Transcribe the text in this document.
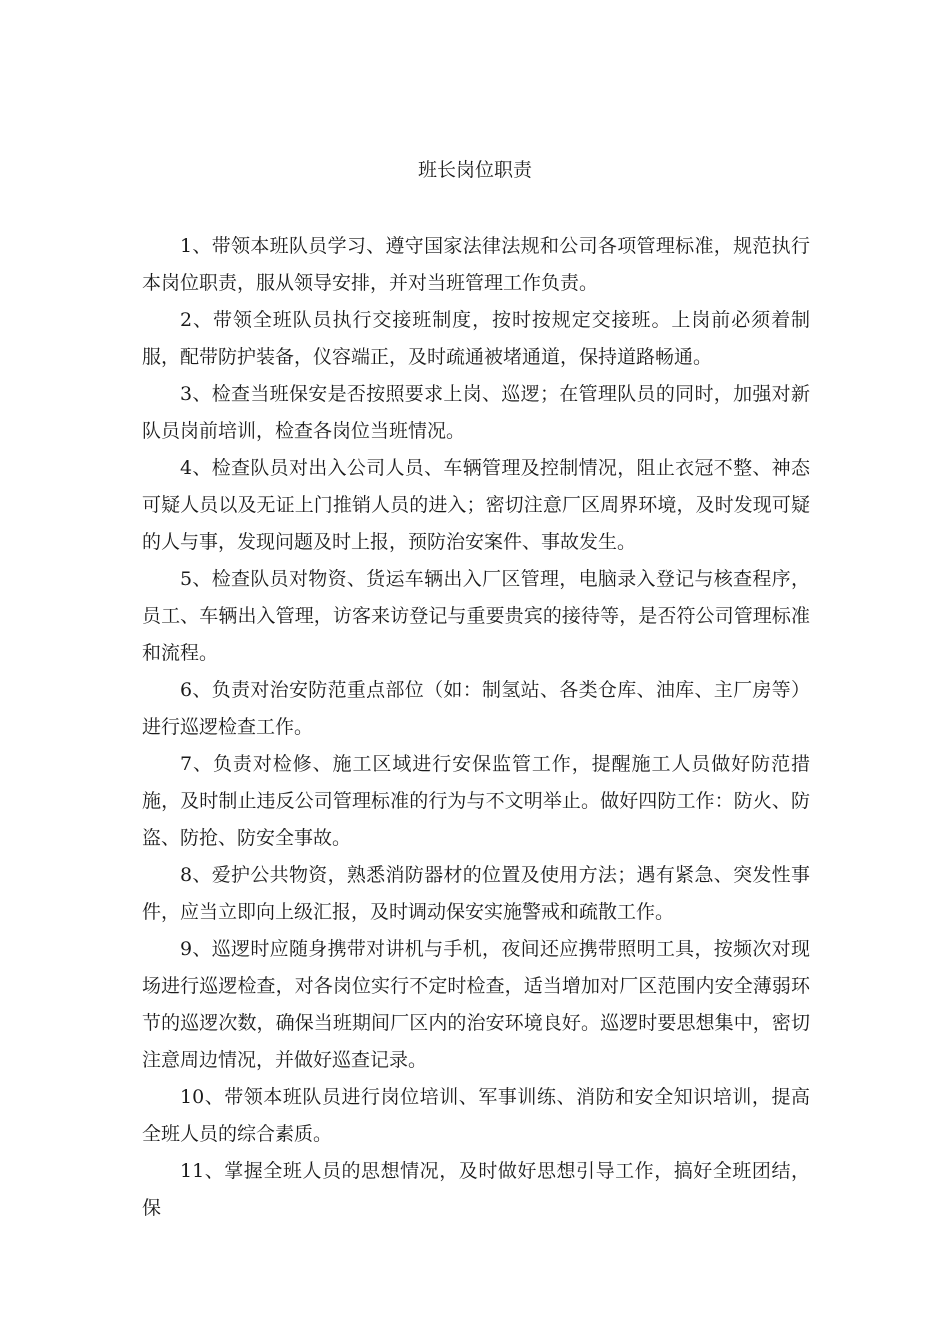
班长岗位职责

1、带领本班队员学习、遵守国家法律法规和公司各项管理标准，规范执行本岗位职责，服从领导安排，并对当班管理工作负责。

2、带领全班队员执行交接班制度，按时按规定交接班。上岗前必须着制服，配带防护装备，仪容端正，及时疏通被堵通道，保持道路畅通。

3、检查当班保安是否按照要求上岗、巡逻；在管理队员的同时，加强对新队员岗前培训，检查各岗位当班情况。

4、检查队员对出入公司人员、车辆管理及控制情况，阻止衣冠不整、神态可疑人员以及无证上门推销人员的进入；密切注意厂区周界环境，及时发现可疑的人与事，发现问题及时上报，预防治安案件、事故发生。

5、检查队员对物资、货运车辆出入厂区管理，电脑录入登记与核查程序，员工、车辆出入管理，访客来访登记与重要贵宾的接待等，是否符公司管理标准和流程。

6、负责对治安防范重点部位（如：制氢站、各类仓库、油库、主厂房等）进行巡逻检查工作。

7、负责对检修、施工区域进行安保监管工作，提醒施工人员做好防范措施，及时制止违反公司管理标准的行为与不文明举止。做好四防工作：防火、防盗、防抢、防安全事故。

8、爱护公共物资，熟悉消防器材的位置及使用方法；遇有紧急、突发性事件，应当立即向上级汇报，及时调动保安实施警戒和疏散工作。

9、巡逻时应随身携带对讲机与手机，夜间还应携带照明工具，按频次对现场进行巡逻检查，对各岗位实行不定时检查，适当增加对厂区范围内安全薄弱环节的巡逻次数，确保当班期间厂区内的治安环境良好。巡逻时要思想集中，密切注意周边情况，并做好巡查记录。

10、带领本班队员进行岗位培训、军事训练、消防和安全知识培训，提高全班人员的综合素质。

11、掌握全班人员的思想情况，及时做好思想引导工作，搞好全班团结，保
